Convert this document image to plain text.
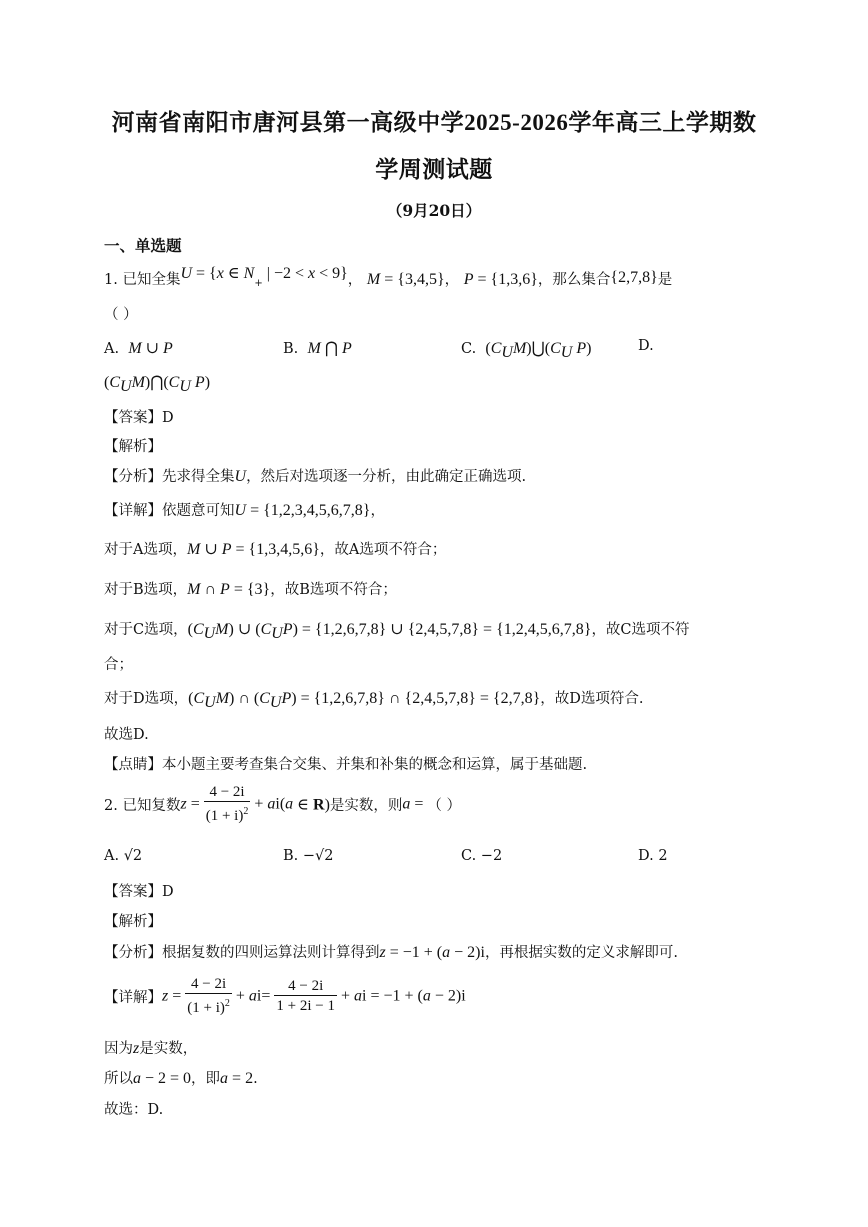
河南省南阳市唐河县第一高级中学2025-2026学年高三上学期数
学周测试题
（9月20日）
一、单选题
1. 已知全集U = {x ∈ $N_+$ | −2 < x < 9}， M = {3,4,5}， P = {1,3,6}，那么集合{2,7,8}是
（ ）
A.  M ∪ P	B.  M ⋂ P	C.  $(C_UM)⋃(C_U$ P)	D.
$(C_UM)⋂(C_U$ P)
【答案】D
【解析】
【分析】先求得全集U，然后对选项逐一分析，由此确定正确选项.
【详解】依题意可知U = {1,2,3,4,5,6,7,8}，
对于A选项，M ∪ P = {1,3,4,5,6}，故A选项不符合；
对于B选项，M ∩ P = {3}，故B选项不符合；
对于C选项，$(C_UM)$ ∪ $(C_UP) = \{1,2,6,7,8\}$ ∪ {2,4,5,7,8} = {1,2,4,5,6,7,8}，故C选项不符
合；
对于D选项，$(C_UM)$ ∩ $(C_UP) = \{1,2,6,7,8\}$ ∩ {2,4,5,7,8} = {2,7,8}，故D选项符合.
故选D.
【点睛】本小题主要考查集合交集、并集和补集的概念和运算，属于基础题.
2. 已知复数$z = \frac{4 - 2i}{(1 + i)^2} + ai(a$ ∈ R)是实数，则a = （ ）
A. √2	B. −√2	C. −2	D. 2
【答案】D
【解析】
【分析】根据复数的四则运算法则计算得到z = −1 + (a − 2)i，再根据实数的定义求解即可.
【详解】$z = \frac{4 - 2i}{(1 + i)^2} + ai= \frac{4 - 2i}{1 + 2i - 1}$ + ai = −1 + (a − 2)i
因为z是实数，
所以a − 2 = 0，即a = 2.
故选：D.
